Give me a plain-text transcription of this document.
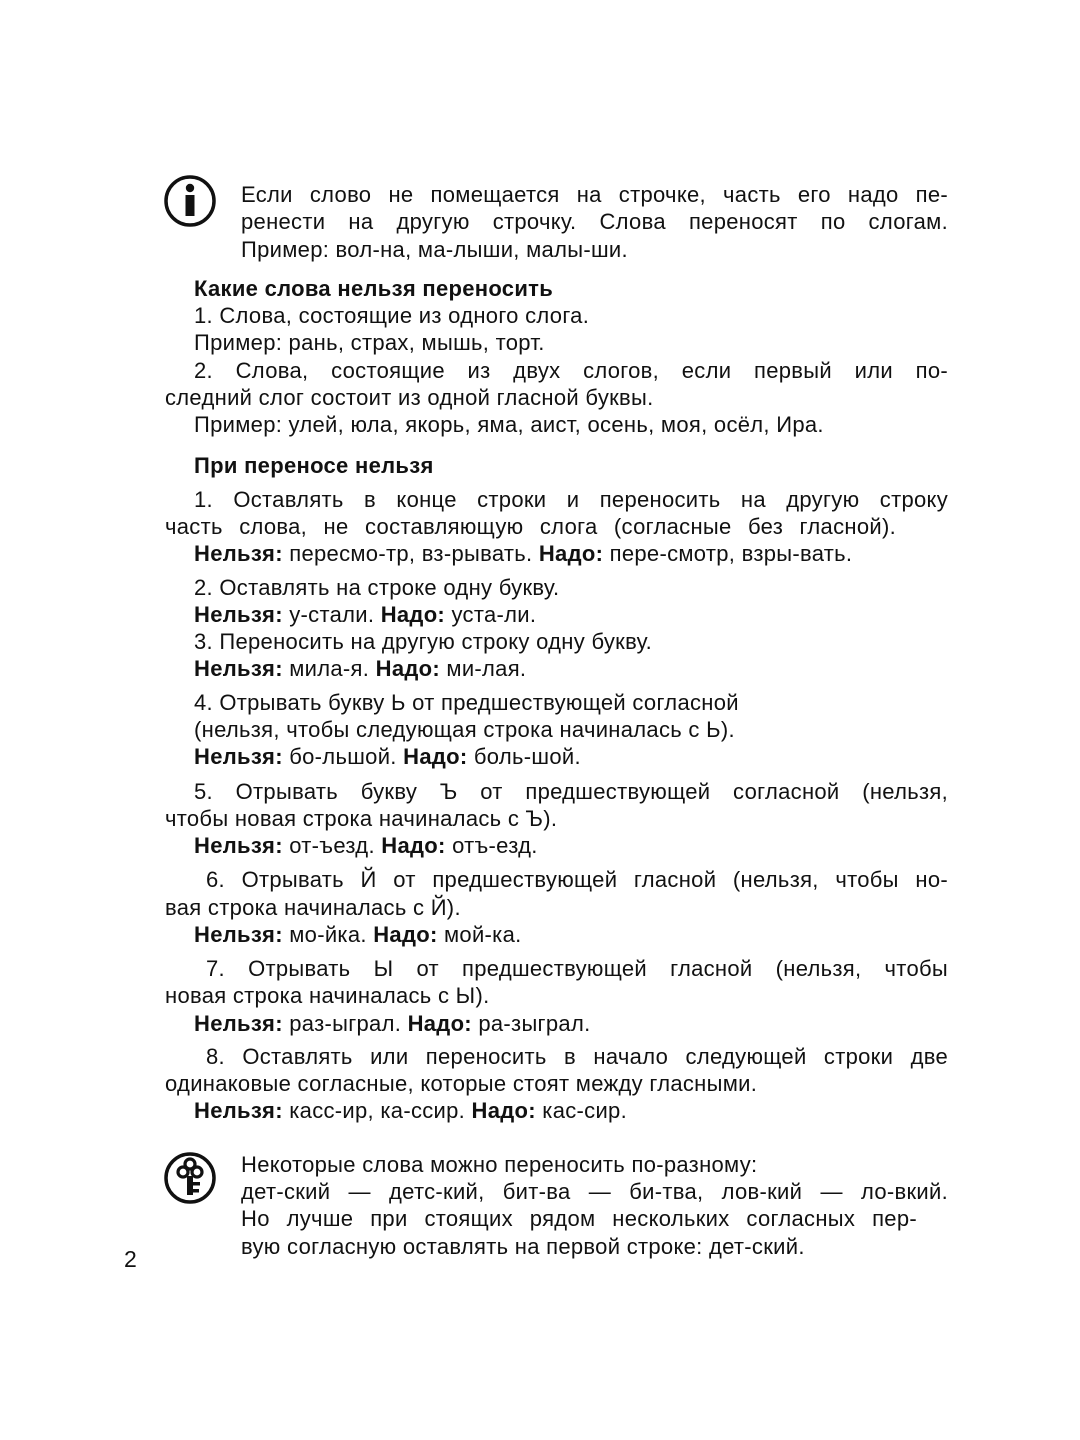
Если слово не помещается на строчке, часть его надо пе-
ренести на другую строчку. Слова переносят по слогам.
Пример: вол-на, ма-лыши, малы-ши.
Какие слова нельзя переносить
1. Слова, состоящие из одного слога.
Пример: рань, страх, мышь, торт.
2. Слова, состоящие из двух слогов, если первый или по-
следний слог состоит из одной гласной буквы.
Пример: улей, юла, якорь, яма, аист, осень, моя, осёл, Ира.
При переносе нельзя
1. Оставлять в конце строки и переносить на другую строку
часть слова, не составляющую слога (согласные без гласной).
Нельзя: пересмо-тр, вз-рывать. Надо: пере-смотр, взры-вать.
2. Оставлять на строке одну букву.
Нельзя: у-стали. Надо: уста-ли.
3. Переносить на другую строку одну букву.
Нельзя: мила-я. Надо: ми-лая.
4. Отрывать букву Ь от предшествующей согласной
(нельзя, чтобы следующая строка начиналась с Ь).
Нельзя: бо-льшой. Надо: боль-шой.
5. Отрывать букву Ъ от предшествующей согласной (нельзя,
чтобы новая строка начиналась с Ъ).
Нельзя: от-ъезд. Надо: отъ-езд.
6. Отрывать Й от предшествующей гласной (нельзя, чтобы но-
вая строка начиналась с Й).
Нельзя: мо-йка. Надо: мой-ка.
7. Отрывать Ы от предшествующей гласной (нельзя, чтобы
новая строка начиналась с Ы).
Нельзя: раз-ыграл. Надо: ра-зыграл.
8. Оставлять или переносить в начало следующей строки две
одинаковые согласные, которые стоят между гласными.
Нельзя: касс-ир, ка-ссир. Надо: кас-сир.
Некоторые слова можно переносить по-разному:
дет-ский — детс-кий, бит-ва — би-тва, лов-кий — ло-вкий.
Но лучше при стоящих рядом нескольких согласных пер-
вую согласную оставлять на первой строке: дет-ский.
2
